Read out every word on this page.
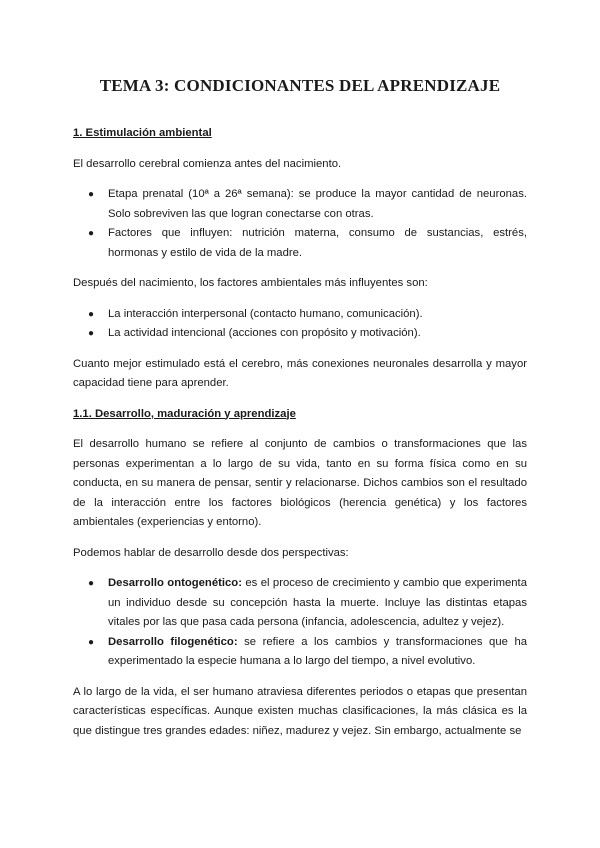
TEMA 3: CONDICIONANTES DEL APRENDIZAJE
1. Estimulación ambiental

El desarrollo cerebral comienza antes del nacimiento.

● Etapa prenatal (10ª a 26ª semana): se produce la mayor cantidad de neuronas. Solo sobreviven las que logran conectarse con otras.
● Factores que influyen: nutrición materna, consumo de sustancias, estrés, hormonas y estilo de vida de la madre.

Después del nacimiento, los factores ambientales más influyentes son:

● La interacción interpersonal (contacto humano, comunicación).
● La actividad intencional (acciones con propósito y motivación).

Cuanto mejor estimulado está el cerebro, más conexiones neuronales desarrolla y mayor capacidad tiene para aprender.

1.1. Desarrollo, maduración y aprendizaje

El desarrollo humano se refiere al conjunto de cambios o transformaciones que las personas experimentan a lo largo de su vida, tanto en su forma física como en su conducta, en su manera de pensar, sentir y relacionarse. Dichos cambios son el resultado de la interacción entre los factores biológicos (herencia genética) y los factores ambientales (experiencias y entorno).

Podemos hablar de desarrollo desde dos perspectivas:

● Desarrollo ontogenético: es el proceso de crecimiento y cambio que experimenta un individuo desde su concepción hasta la muerte. Incluye las distintas etapas vitales por las que pasa cada persona (infancia, adolescencia, adultez y vejez).
● Desarrollo filogenético: se refiere a los cambios y transformaciones que ha experimentado la especie humana a lo largo del tiempo, a nivel evolutivo.

A lo largo de la vida, el ser humano atraviesa diferentes periodos o etapas que presentan características específicas. Aunque existen muchas clasificaciones, la más clásica es la que distingue tres grandes edades: niñez, madurez y vejez. Sin embargo, actualmente se
